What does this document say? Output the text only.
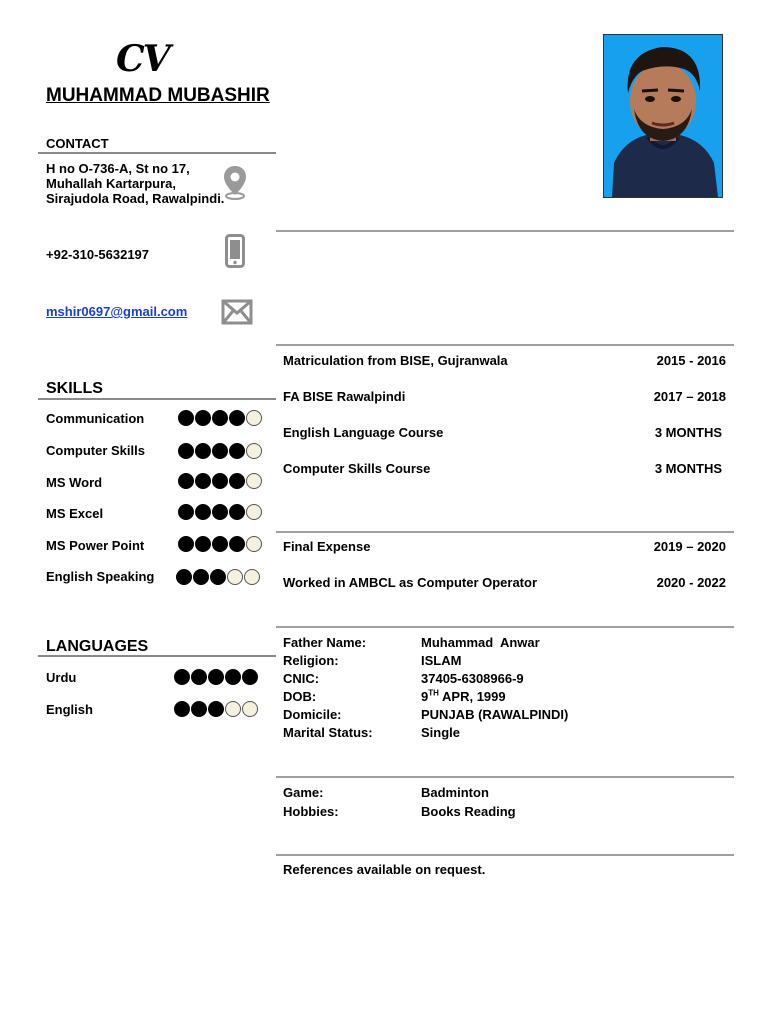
CV
MUHAMMAD MUBASHIR
CONTACT
H no O-736-A, St no 17,
Muhallah Kartarpura,
Sirajudola Road, Rawalpindi.
+92-310-5632197
mshir0697@gmail.com
SKILLS
Communication
Computer Skills
MS Word
MS Excel
MS Power Point
English Speaking
LANGUAGES
Urdu
English
Matriculation from BISE, Gujranwala	2015 - 2016
FA BISE Rawalpindi	2017 – 2018
English Language Course	3 MONTHS
Computer Skills Course	3 MONTHS
Final Expense	2019 – 2020
Worked in AMBCL as Computer Operator	2020 - 2022
Father Name:	Muhammad  Anwar
Religion:	ISLAM
CNIC:	37405-6308966-9
DOB:	9TH APR, 1999
Domicile:	PUNJAB (RAWALPINDI)
Marital Status:	Single
Game:	Badminton
Hobbies:	Books Reading
References available on request.
